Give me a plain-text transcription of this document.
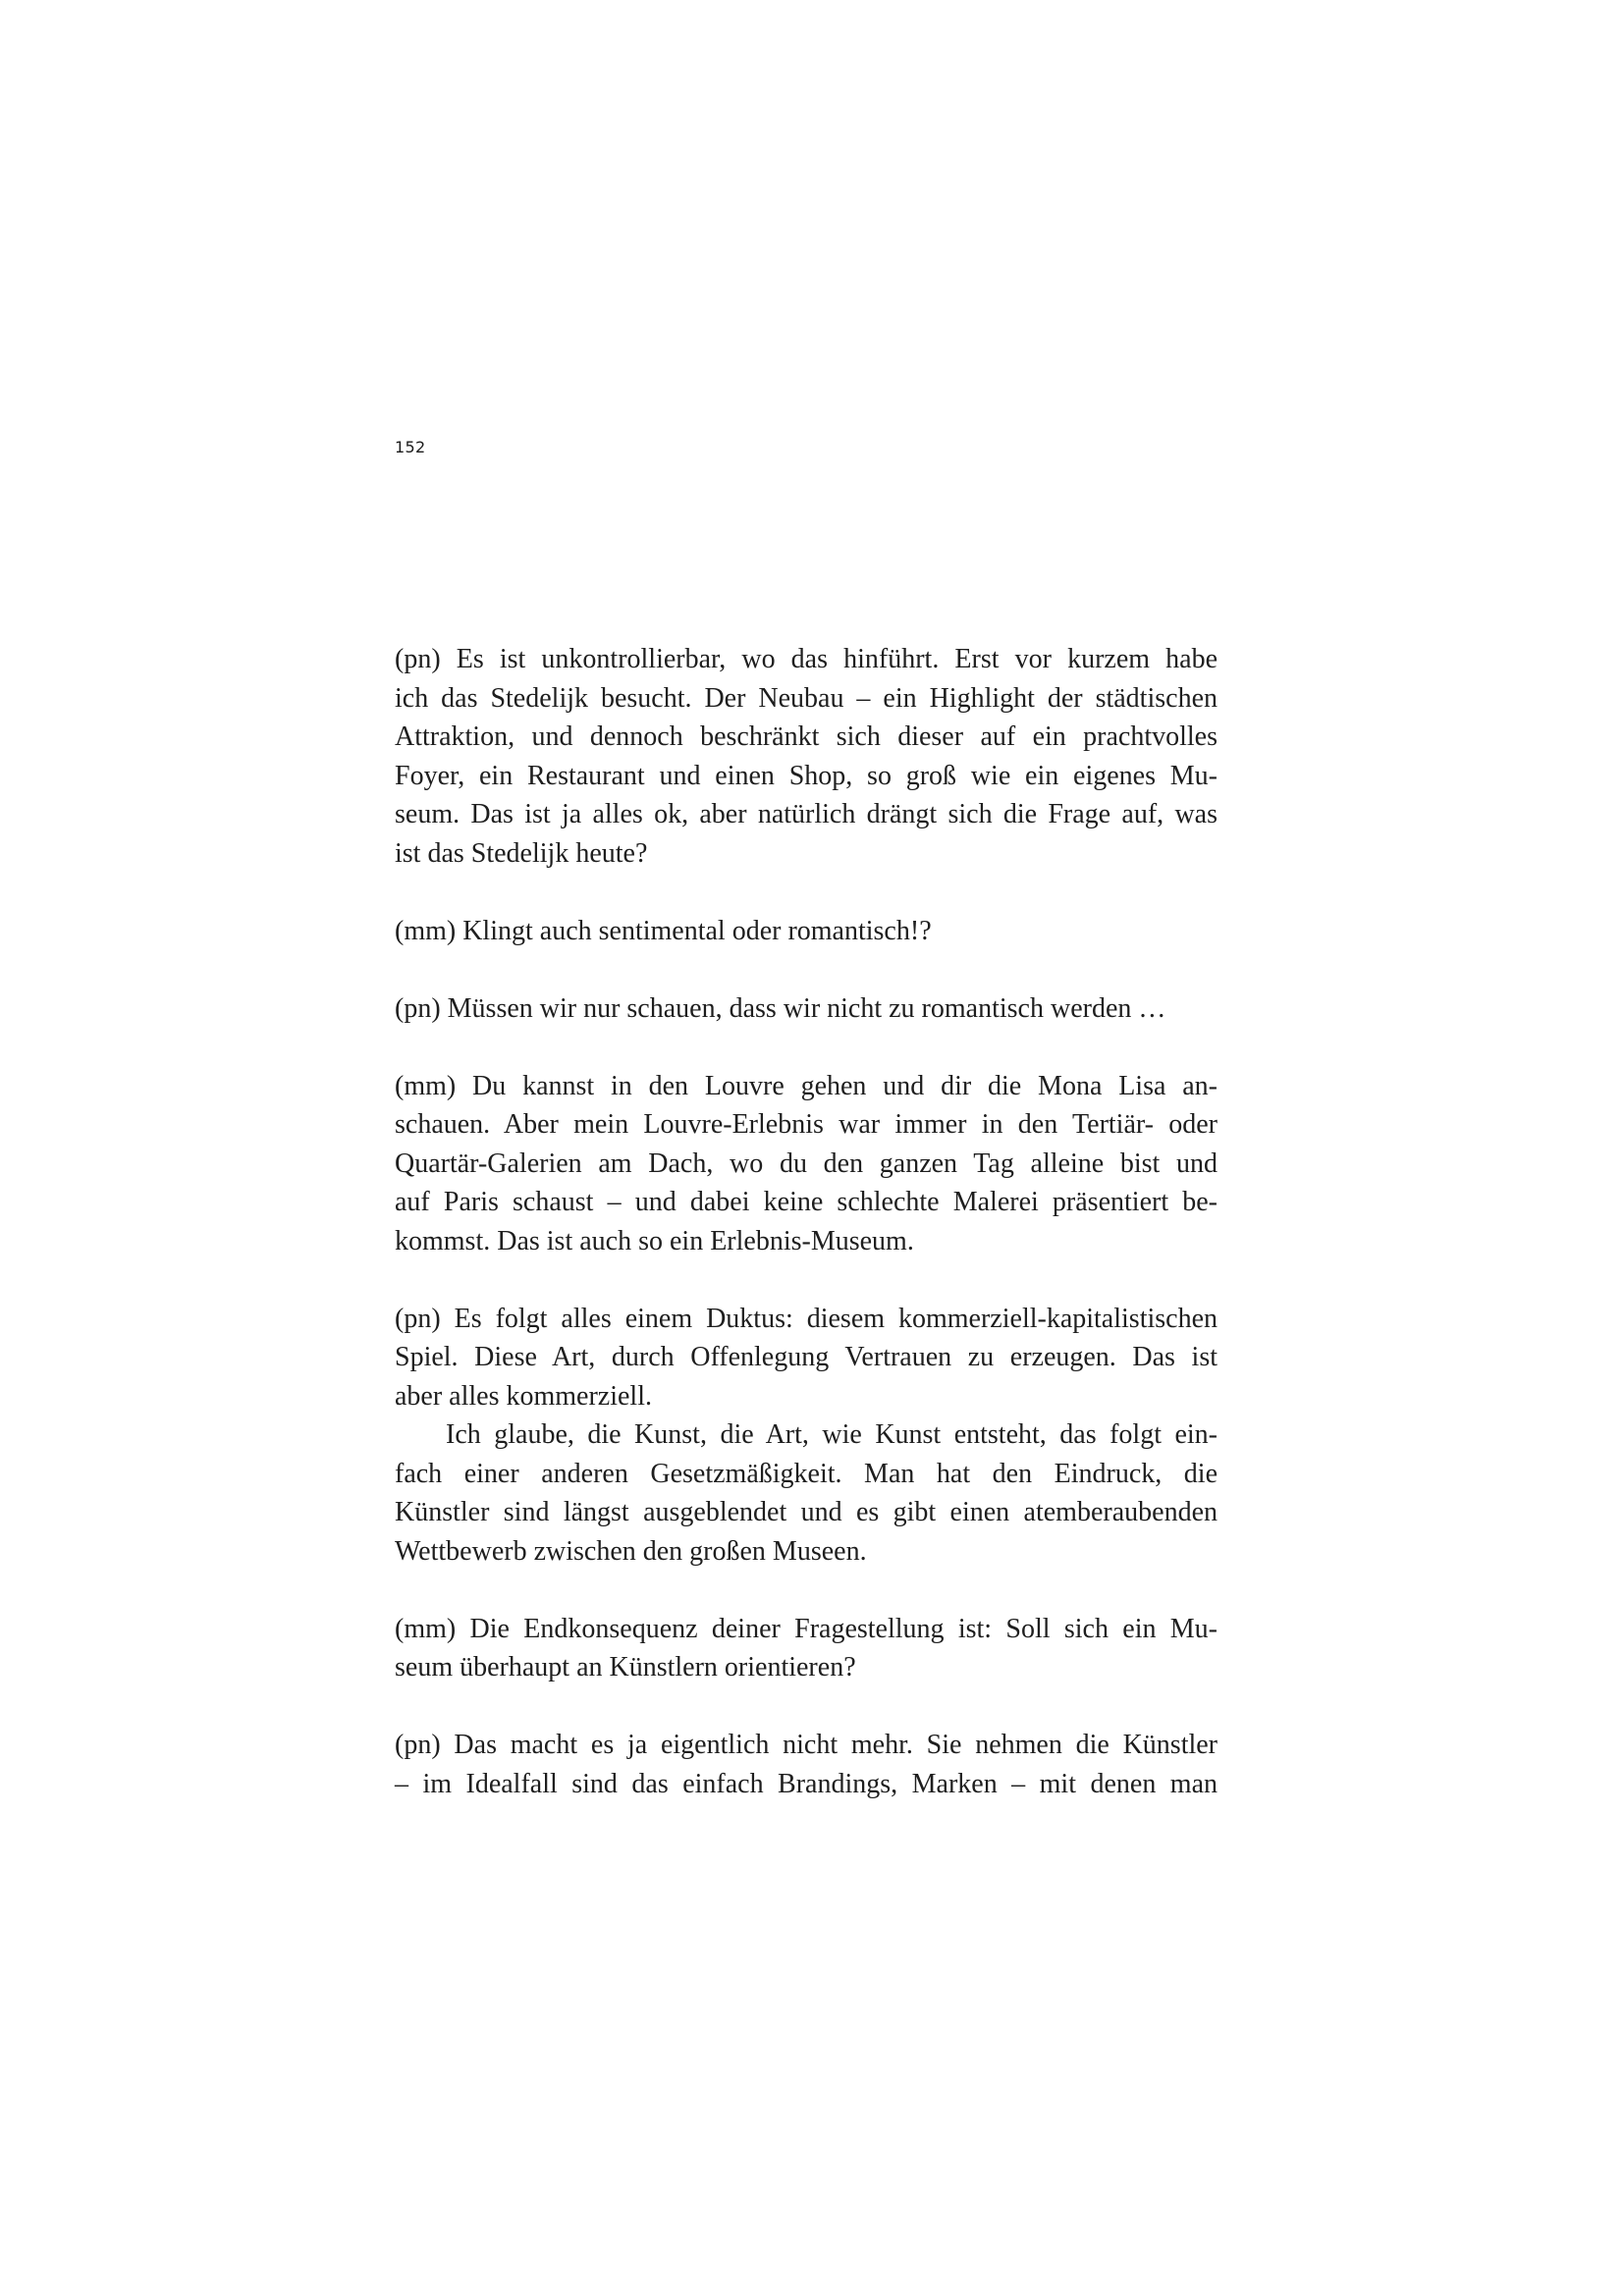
152

(pn) Es ist unkontrollierbar, wo das hinführt. Erst vor kurzem habe
ich das Stedelijk besucht. Der Neubau – ein Highlight der städtischen
Attraktion, und dennoch beschränkt sich dieser auf ein prachtvolles
Foyer, ein Restaurant und einen Shop, so groß wie ein eigenes Mu-
seum. Das ist ja alles ok, aber natürlich drängt sich die Frage auf, was
ist das Stedelijk heute?

(mm) Klingt auch sentimental oder romantisch!?

(pn) Müssen wir nur schauen, dass wir nicht zu romantisch werden …

(mm) Du kannst in den Louvre gehen und dir die Mona Lisa an-
schauen. Aber mein Louvre-Erlebnis war immer in den Tertiär- oder
Quartär-Galerien am Dach, wo du den ganzen Tag alleine bist und
auf Paris schaust – und dabei keine schlechte Malerei präsentiert be-
kommst. Das ist auch so ein Erlebnis-Museum.

(pn) Es folgt alles einem Duktus: diesem kommerziell-kapitalistischen
Spiel. Diese Art, durch Offenlegung Vertrauen zu erzeugen. Das ist
aber alles kommerziell.
Ich glaube, die Kunst, die Art, wie Kunst entsteht, das folgt ein-
fach einer anderen Gesetzmäßigkeit. Man hat den Eindruck, die
Künstler sind längst ausgeblendet und es gibt einen atemberaubenden
Wettbewerb zwischen den großen Museen.

(mm) Die Endkonsequenz deiner Fragestellung ist: Soll sich ein Mu-
seum überhaupt an Künstlern orientieren?

(pn) Das macht es ja eigentlich nicht mehr. Sie nehmen die Künstler
– im Idealfall sind das einfach Brandings, Marken – mit denen man
